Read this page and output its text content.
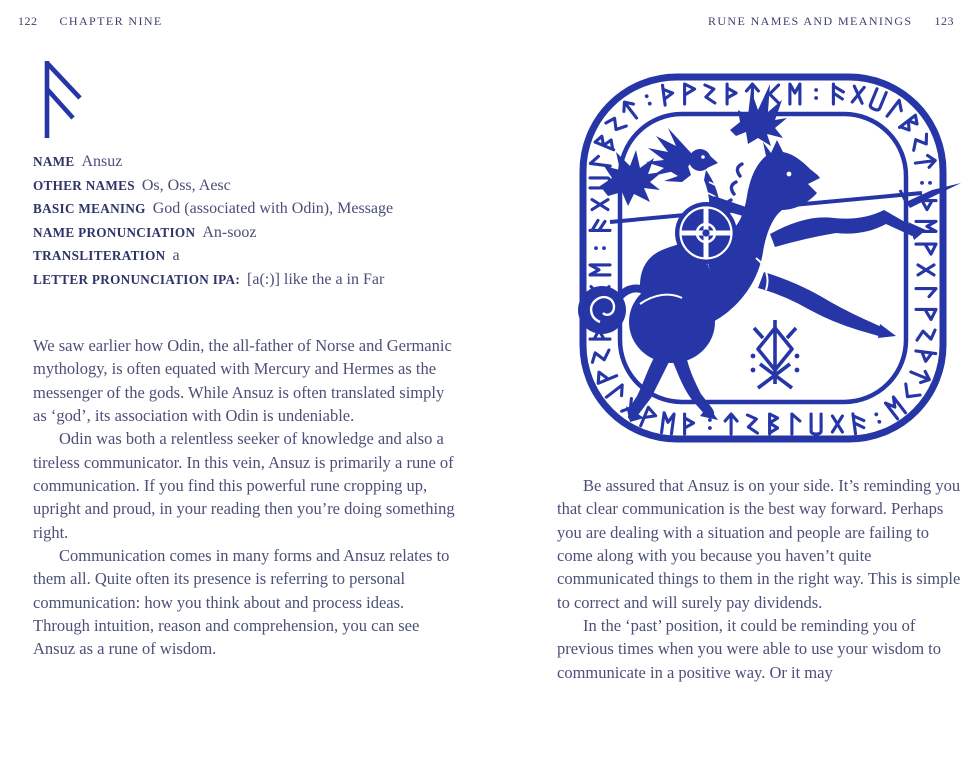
122 CHAPTER NINE	RUNE NAMES AND MEANINGS 123
NAME Ansuz
OTHER NAMES Os, Oss, Aesc
BASIC MEANING God (associated with Odin), Message
NAME PRONUNCIATION An-sooz
TRANSLITERATION a
LETTER PRONUNCIATION IPA: [a(:)] like the a in Far

We saw earlier how Odin, the all-father of Norse and Germanic mythology, is often equated with Mercury and Hermes as the messenger of the gods. While Ansuz is often translated simply as ‘god’, its association with Odin is undeniable.

Odin was both a relentless seeker of knowledge and also a tireless communicator. In this vein, Ansuz is primarily a rune of communication. If you find this powerful rune cropping up, upright and proud, in your reading then you’re doing something right.

Communication comes in many forms and Ansuz relates to them all. Quite often its presence is referring to personal communication: how you think about and process ideas. Through intuition, reason and comprehension, you can see Ansuz as a rune of wisdom.

Be assured that Ansuz is on your side. It’s reminding you that clear communication is the best way forward. Perhaps you are dealing with a situation and people are failing to come along with you because you haven’t quite communicated things to them in the right way. This is simple to correct and will surely pay dividends.

In the ‘past’ position, it could be reminding you of previous times when you were able to use your wisdom to communicate in a positive way. Or it may
